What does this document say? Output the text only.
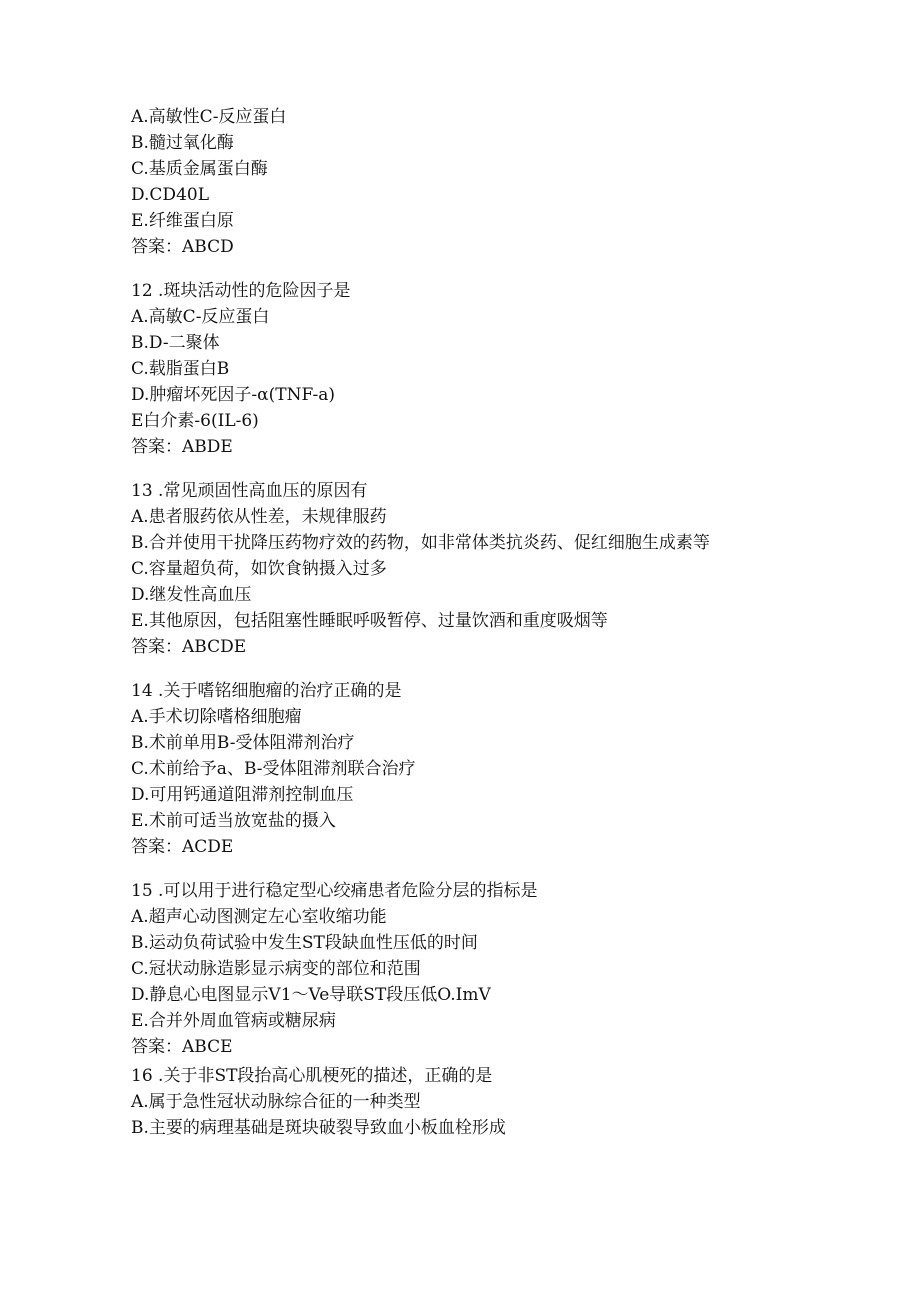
A.高敏性C-反应蛋白
B.髓过氧化酶
C.基质金属蛋白酶
D.CD40L
E.纤维蛋白原
答案：ABCD
12 .斑块活动性的危险因子是
A.高敏C-反应蛋白
B.D-二聚体
C.载脂蛋白B
D.肿瘤坏死因子-α(TNF-a)
E白介素-6(IL-6)
答案：ABDE
13 .常见顽固性高血压的原因有
A.患者服药依从性差，未规律服药
B.合并使用干扰降压药物疗效的药物，如非常体类抗炎药、促红细胞生成素等
C.容量超负荷，如饮食钠摄入过多
D.继发性高血压
E.其他原因，包括阻塞性睡眠呼吸暂停、过量饮酒和重度吸烟等
答案：ABCDE
14 .关于嗜铭细胞瘤的治疗正确的是
A.手术切除嗜格细胞瘤
B.术前单用B-受体阻滞剂治疗
C.术前给予a、B-受体阻滞剂联合治疗
D.可用钙通道阻滞剂控制血压
E.术前可适当放宽盐的摄入
答案：ACDE
15 .可以用于进行稳定型心绞痛患者危险分层的指标是
A.超声心动图测定左心室收缩功能
B.运动负荷试验中发生ST段缺血性压低的时间
C.冠状动脉造影显示病变的部位和范围
D.静息心电图显示V1～Ve导联ST段压低O.ImV
E.合并外周血管病或糖尿病
答案：ABCE
16 .关于非ST段抬高心肌梗死的描述，正确的是
A.属于急性冠状动脉综合征的一种类型
B.主要的病理基础是斑块破裂导致血小板血栓形成
